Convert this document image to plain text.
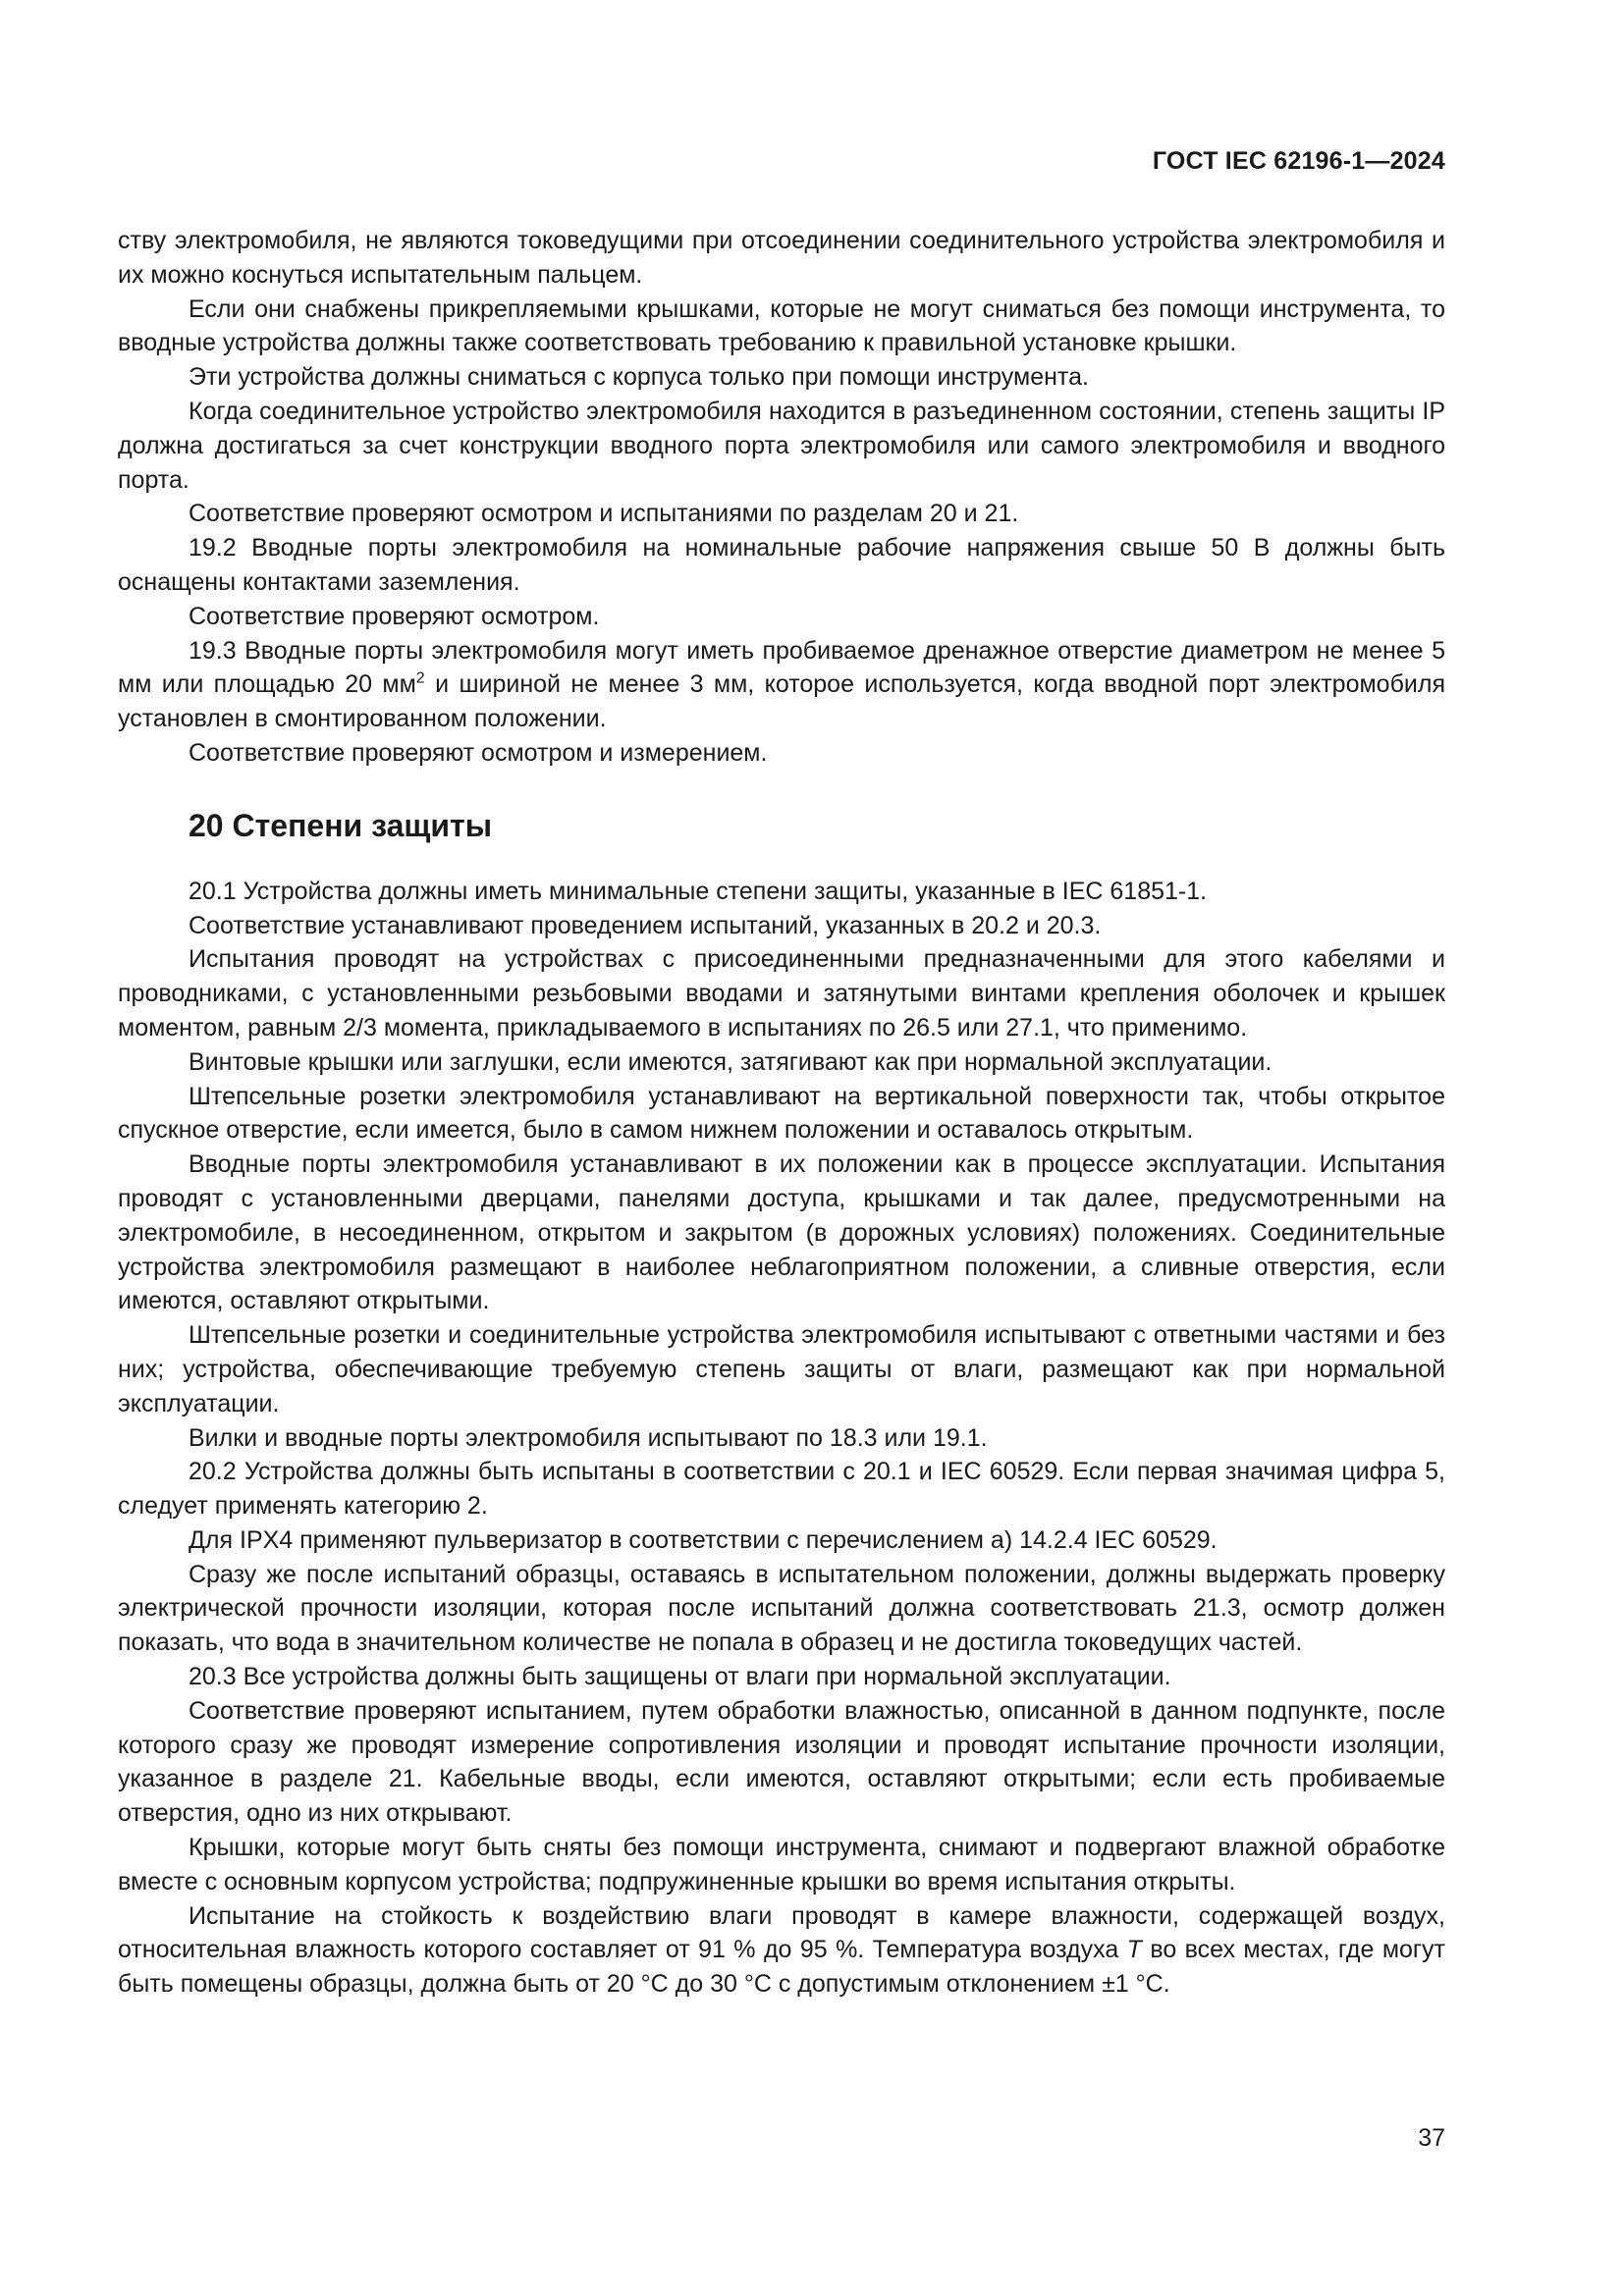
ГОСТ IEC 62196-1—2024

ству электромобиля, не являются токоведущими при отсоединении соединительного устройства электромобиля и их можно коснуться испытательным пальцем.

Если они снабжены прикрепляемыми крышками, которые не могут сниматься без помощи инструмента, то вводные устройства должны также соответствовать требованию к правильной установке крышки.

Эти устройства должны сниматься с корпуса только при помощи инструмента.

Когда соединительное устройство электромобиля находится в разъединенном состоянии, степень защиты IP должна достигаться за счет конструкции вводного порта электромобиля или самого электромобиля и вводного порта.

Соответствие проверяют осмотром и испытаниями по разделам 20 и 21.

19.2 Вводные порты электромобиля на номинальные рабочие напряжения свыше 50 В должны быть оснащены контактами заземления.

Соответствие проверяют осмотром.

19.3 Вводные порты электромобиля могут иметь пробиваемое дренажное отверстие диаметром не менее 5 мм или площадью 20 $мм^2$ и шириной не менее 3 мм, которое используется, когда вводной порт электромобиля установлен в смонтированном положении.

Соответствие проверяют осмотром и измерением.

20 Степени защиты

20.1 Устройства должны иметь минимальные степени защиты, указанные в IEC 61851-1.

Соответствие устанавливают проведением испытаний, указанных в 20.2 и 20.3.

Испытания проводят на устройствах с присоединенными предназначенными для этого кабелями и проводниками, с установленными резьбовыми вводами и затянутыми винтами крепления оболочек и крышек моментом, равным 2/3 момента, прикладываемого в испытаниях по 26.5 или 27.1, что применимо.

Винтовые крышки или заглушки, если имеются, затягивают как при нормальной эксплуатации.

Штепсельные розетки электромобиля устанавливают на вертикальной поверхности так, чтобы открытое спускное отверстие, если имеется, было в самом нижнем положении и оставалось открытым.

Вводные порты электромобиля устанавливают в их положении как в процессе эксплуатации. Испытания проводят с установленными дверцами, панелями доступа, крышками и так далее, предусмотренными на электромобиле, в несоединенном, открытом и закрытом (в дорожных условиях) положениях. Соединительные устройства электромобиля размещают в наиболее неблагоприятном положении, а сливные отверстия, если имеются, оставляют открытыми.

Штепсельные розетки и соединительные устройства электромобиля испытывают с ответными частями и без них; устройства, обеспечивающие требуемую степень защиты от влаги, размещают как при нормальной эксплуатации.

Вилки и вводные порты электромобиля испытывают по 18.3 или 19.1.

20.2 Устройства должны быть испытаны в соответствии с 20.1 и IEC 60529. Если первая значимая цифра 5, следует применять категорию 2.

Для IPX4 применяют пульверизатор в соответствии с перечислением а) 14.2.4 IEC 60529.

Сразу же после испытаний образцы, оставаясь в испытательном положении, должны выдержать проверку электрической прочности изоляции, которая после испытаний должна соответствовать 21.3, осмотр должен показать, что вода в значительном количестве не попала в образец и не достигла токоведущих частей.

20.3 Все устройства должны быть защищены от влаги при нормальной эксплуатации.

Соответствие проверяют испытанием, путем обработки влажностью, описанной в данном подпункте, после которого сразу же проводят измерение сопротивления изоляции и проводят испытание прочности изоляции, указанное в разделе 21. Кабельные вводы, если имеются, оставляют открытыми; если есть пробиваемые отверстия, одно из них открывают.

Крышки, которые могут быть сняты без помощи инструмента, снимают и подвергают влажной обработке вместе с основным корпусом устройства; подпружиненные крышки во время испытания открыты.

Испытание на стойкость к воздействию влаги проводят в камере влажности, содержащей воздух, относительная влажность которого составляет от 91 % до 95 %. Температура воздуха T во всех местах, где могут быть помещены образцы, должна быть от 20 °С до 30 °С с допустимым отклонением ±1 °С.

37
